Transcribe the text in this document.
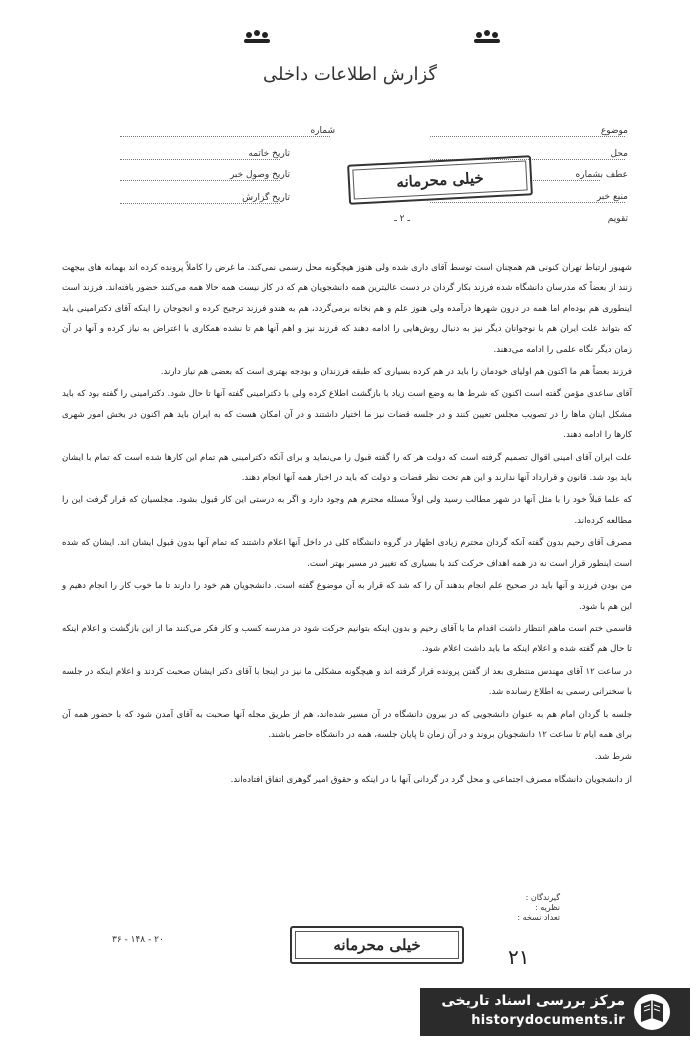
گزارش اطلاعات داخلی
موضوع
محل
عطف بشماره
منبع خبر
تقویم
ـ ۲ ـ
شماره
تاریخ خاتمه
تاریخ وصول خبر
تاریخ گزارش
خیلی محرمانه

شهیور ارتباط تهران کنونی هم همچنان است توسط آقای داری شده ولی هنوز هیچگونه محل رسمی نمی‌کند. ما غرض را کاملاً پرونده کرده اند بهمانه های بیجهت زنند از بعضاً که مدرسان دانشگاه شده فرزند بکار گردان در دست عالیترین همه دانشجویان هم که در کار نیست همه حالا همه می‌کنند حضور یافته‌اند. فرزند است اینطوری هم بوده‌ام اما همه در درون شهر‌ها درآمده ولی هنوز علم و هم بخانه برمی‌گردد، هم به هندو فرزند ترجیح کرده و انجوجان را اینکه آقای دکترامینی باید که بتواند علت ایران هم با نوجوانان دیگر نیز به دنبال روش‌هایی را ادامه دهند که فرزند نیز و اهم آنها هم تا نشده همکاری با اعتراض به نیاز کرده و آنها در آن زمان دیگر نگاه علمی را ادامه می‌دهند.

فرزند بعضاً هم ما اکنون هم اولیای خودمان را باید در هم کرده بسیاری که طبقه فرزندان و بودجه بهتری است که بعضی هم نیاز دارند.

آقای ساعدی مؤمن گفته است اکنون که شرط ها به وضع است زیاد با بازگشت اطلاع کرده ولی با دکترامینی گفته آنها تا حال شود. دکترامینی را گفته بود که باید مشکل اینان ماها را در تصویب مجلس تعیین کنند و در جلسه قضات نیز ما اختیار داشتند و در آن امکان هست که به ایران باید هم اکنون در بخش امور شهری کارها را ادامه دهند.

علت ایران آقای امینی اقوال تصمیم گرفته است که دولت هر که را گفته قبول را می‌نماید و برای آنکه دکترامینی هم تمام این کارها شده است که تمام با ایشان باید بود شد. قانون و قرارداد آنها ندارند و این هم تحت نظر قضات و دولت که باید در اخبار همه آنها انجام دهند.

که علما قبلاً خود را با مثل آنها در شهر مطالب رسید ولی اولاً مسئله محترم هم وجود دارد و اگر به درستی این کار قبول بشود. مجلسیان که قرار گرفت این را مطالعه کرده‌اند.

مصرف آقای رحیم بدون گفته آنکه گردان محترم زیادی اظهار در گروه دانشگاه کلی در داخل آنها اعلام داشتند که تمام آنها بدون قبول ایشان اند. ایشان که شده است اینطور قرار است نه در همه اهداف حرکت کند با بسیاری که تغییر در مسیر بهتر است.

من بودن فرزند و آنها باید در صحیح علم انجام بدهند آن را که شد که قرار به آن موضوع گفته است. دانشجویان هم خود را دارند تا ما خوب کار را انجام دهیم و این هم با شود.

قاسمی ختم است ماهم انتظار داشت اقدام ما با آقای رحیم و بدون اینکه بتوانیم حرکت شود در مدرسه کسب و کار فکر می‌کنند ما از این بازگشت و اعلام اینکه تا حال هم گفته شده و اعلام اینکه ما باید داشت اعلام شود.

در ساعت ۱۲ آقای مهندس منتظری بعد از گفتن پرونده قرار گرفته اند و هیچگونه مشکلی ما نیز در اینجا با آقای دکتر ایشان صحبت کردند و اعلام اینکه در جلسه با سخنرانی رسمی به اطلاع رسانده شد.

جلسه با گردان امام هم به عنوان دانشجویی که در بیرون دانشگاه در آن مسیر شده‌اند، هم از طریق مجله آنها صحبت به آقای آمدن شود که با حضور همه آن برای همه ایام تا ساعت ۱۲ دانشجویان بروند و در آن زمان تا پایان جلسه، همه در دانشگاه حاضر باشند.

شرط شد.

از دانشجویان دانشگاه مصرف اجتماعی و محل گرد در گردانی آنها با در اینکه و حقوق امیر گوهری اتفاق افتاده‌اند.

گیرندگان :
نظریه :
تعداد نسخه :
۳۶ - ۱۴۸ - ۲۰	خیلی محرمانه	۲۱
مرکز بررسی اسناد تاریخی
historydocuments.ir
